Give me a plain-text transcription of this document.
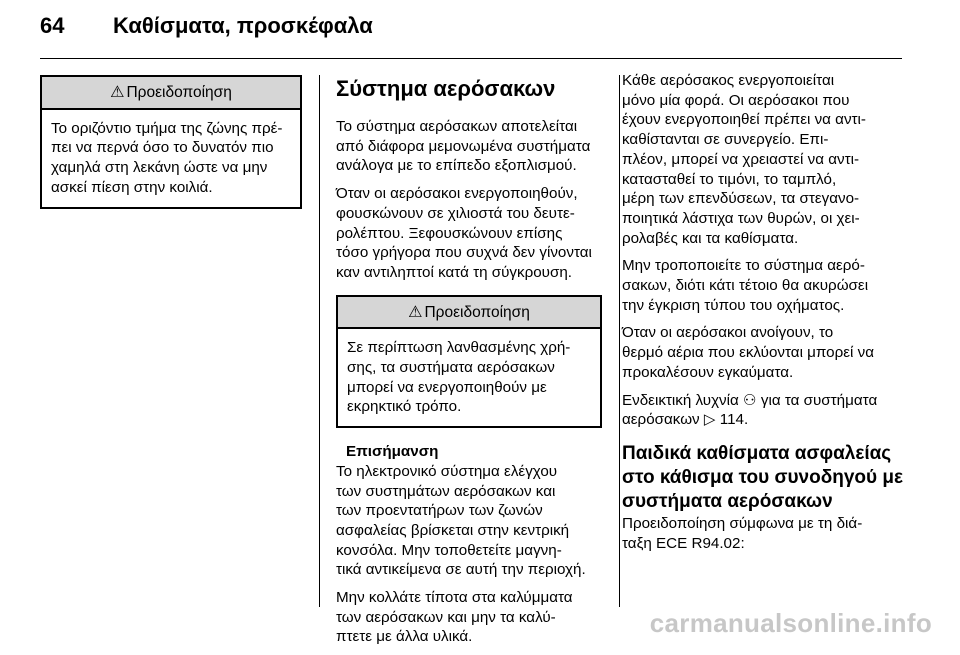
64 Καθίσματα, προσκέφαλα
⚠ Προειδοποίηση
Το οριζόντιο τμήμα της ζώνης πρέ-
πει να περνά όσο το δυνατόν πιο
χαμηλά στη λεκάνη ώστε να μην
ασκεί πίεση στην κοιλιά.
Σύστημα αερόσακων

Το σύστημα αερόσακων αποτελείται
από διάφορα μεμονωμένα συστήματα
ανάλογα με το επίπεδο εξοπλισμού.

Όταν οι αερόσακοι ενεργοποιηθούν,
φουσκώνουν σε χιλιοστά του δευτε-
ρολέπτου. Ξεφουσκώνουν επίσης
τόσο γρήγορα που συχνά δεν γίνονται
καν αντιληπτοί κατά τη σύγκρουση.

⚠ Προειδοποίηση
Σε περίπτωση λανθασμένης χρή-
σης, τα συστήματα αερόσακων
μπορεί να ενεργοποιηθούν με
εκρηκτικό τρόπο.
Επισήμανση

Το ηλεκτρονικό σύστημα ελέγχου
των συστημάτων αερόσακων και
των προεντατήρων των ζωνών
ασφαλείας βρίσκεται στην κεντρική
κονσόλα. Μην τοποθετείτε μαγνη-
τικά αντικείμενα σε αυτή την περιοχή.

Μην κολλάτε τίποτα στα καλύμματα
των αερόσακων και μην τα καλύ-
πτετε με άλλα υλικά.

Κάθε αερόσακος ενεργοποιείται
μόνο μία φορά. Οι αερόσακοι που
έχουν ενεργοποιηθεί πρέπει να αντι-
καθίστανται σε συνεργείο. Επι-
πλέον, μπορεί να χρειαστεί να αντι-
κατασταθεί το τιμόνι, το ταμπλό,
μέρη των επενδύσεων, τα στεγανο-
ποιητικά λάστιχα των θυρών, οι χει-
ρολαβές και τα καθίσματα.

Μην τροποποιείτε το σύστημα αερό-
σακων, διότι κάτι τέτοιο θα ακυρώσει
την έγκριση τύπου του οχήματος.

Όταν οι αερόσακοι ανοίγουν, το
θερμό αέρια που εκλύονται μπορεί να
προκαλέσουν εγκαύματα.

Ενδεικτική λυχνία ⚇ για τα συστήματα
αερόσακων ▷ 114.

Παιδικά καθίσματα ασφαλείας
στο κάθισμα του συνοδηγού με
συστήματα αερόσακων

Προειδοποίηση σύμφωνα με τη διά-
ταξη ECE R94.02:

carmanualsonline.info
